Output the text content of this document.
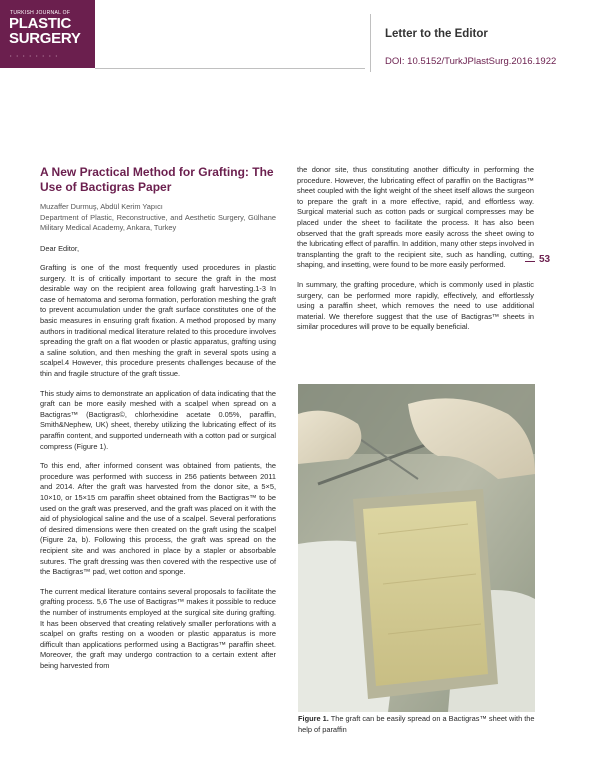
TURKISH JOURNAL OF
PLASTIC
SURGERY
• • • • • • • •
Letter to the Editor
DOI: 10.5152/TurkJPlastSurg.2016.1922
A New Practical Method for Grafting: The Use of Bactigras Paper

Muzaffer Durmuş, Abdül Kerim Yapıcı

Department of Plastic, Reconstructive, and Aesthetic Surgery, Gülhane Military Medical Academy, Ankara, Turkey

Dear Editor,

Grafting is one of the most frequently used procedures in plastic surgery. It is of critically important to secure the graft in the most desirable way on the recipient area following graft harvesting.1-3 In case of hematoma and seroma formation, perforation meshing the graft to prevent accumulation under the graft surface constitutes one of the basic measures in ensuring graft fixation. A method proposed by many authors in traditional medical literature related to this procedure involves spreading the graft on a flat wooden or plastic apparatus, grafting using a saline solution, and then meshing the graft in several spots using a scalpel.4 However, this procedure presents challenges because of the thin and fragile structure of the graft tissue.

This study aims to demonstrate an application of data indicating that the graft can be more easily meshed with a scalpel when spread on a Bactigras™ (Bactigras©, chlorhexidine acetate 0.05%, paraffin, Smith&Nephew, UK) sheet, thereby utilizing the lubricating effect of its paraffin content, and supported underneath with a cotton pad or surgical compress (Figure 1).

To this end, after informed consent was obtained from patients, the procedure was performed with success in 256 patients between 2011 and 2014. After the graft was harvested from the donor site, a 5×5, 10×10, or 15×15 cm paraffin sheet obtained from the Bactigras™ to be used on the graft was preserved, and the graft was placed on it with the aid of physiological saline and the use of a scalpel. Several perforations of desired dimensions were then created on the graft using the scalpel (Figure 2a, b). Following this process, the graft was spread on the recipient site and was anchored in place by a stapler or absorbable sutures. The graft dressing was then covered with the respective use of the Bactigras™ pad, wet cotton and sponge.

The current medical literature contains several proposals to facilitate the grafting process. 5,6 The use of Bactigras™ makes it possible to reduce the number of instruments employed at the surgical site during grafting. It has been observed that creating relatively smaller perforations with a scalpel on grafts resting on a wooden or plastic apparatus is more difficult than applications performed using a Bactigras™ paraffin sheet. Moreover, the graft may undergo contraction to a certain extent after being harvested from

the donor site, thus constituting another difficulty in performing the procedure. However, the lubricating effect of paraffin on the Bactigras™ sheet coupled with the light weight of the sheet itself allows the surgeon to prepare the graft in a more effective, rapid, and effortless way. Surgical material such as cotton pads or surgical compresses may be placed under the sheet to facilitate the process. It has also been observed that the graft spreads more easily across the sheet owing to the lubricating effect of paraffin. In addition, many other steps involved in transplanting the graft to the recipient site, such as handling, cutting, shaping, and insetting, were found to be more easily performed.

In summary, the grafting procedure, which is commonly used in plastic surgery, can be performed more rapidly, effectively, and effortlessly using a paraffin sheet, which removes the need to use additional material. We therefore suggest that the use of Bactigras™ sheets in similar procedures will prove to be equally beneficial.

53
Figure 1. The graft can be easily spread on a Bactigras™ sheet with the help of paraffin
